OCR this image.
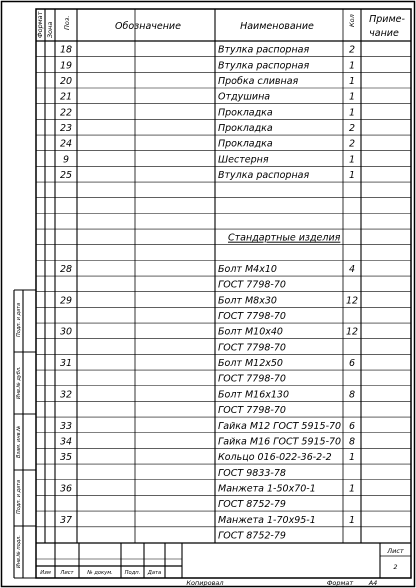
18	Втулка распорная	2
19	Втулка распорная	1
20	Пробка сливная	1
21	Отдушина	1
22	Прокладка	1
23	Прокладка	2
24	Прокладка	2
9	Шестерня	1
25	Втулка распорная	1
Стандартные изделия
28	Болт М4х10	4
ГОСТ 7798-70
29	Болт М8х30	12
ГОСТ 7798-70
30	Болт М10х40	12
ГОСТ 7798-70
31	Болт М12х50	6
ГОСТ 7798-70
32	Болт М16х130	8
ГОСТ 7798-70
33	Гайка М12 ГОСТ 5915-70 6
34	Гайка М16 ГОСТ 5915-70 8
35	Кольцо 016-022-36-2-2 1
ГОСТ 9833-78
36	Манжета 1-50х70-1	1
ГОСТ 8752-79
37	Манжета 1-70х95-1	1
ГОСТ 8752-79
Формат Зона Поз.	Обозначение	Наименование	Кол Приме-
чание
Подп. и дата
Инв.№ дубл.
Взам. инв.№
Подп. и дата
Инв.№ подл.
Изм Лист	№ докум. Подп. Дата
Лист
2
Копировал	Формат А4
